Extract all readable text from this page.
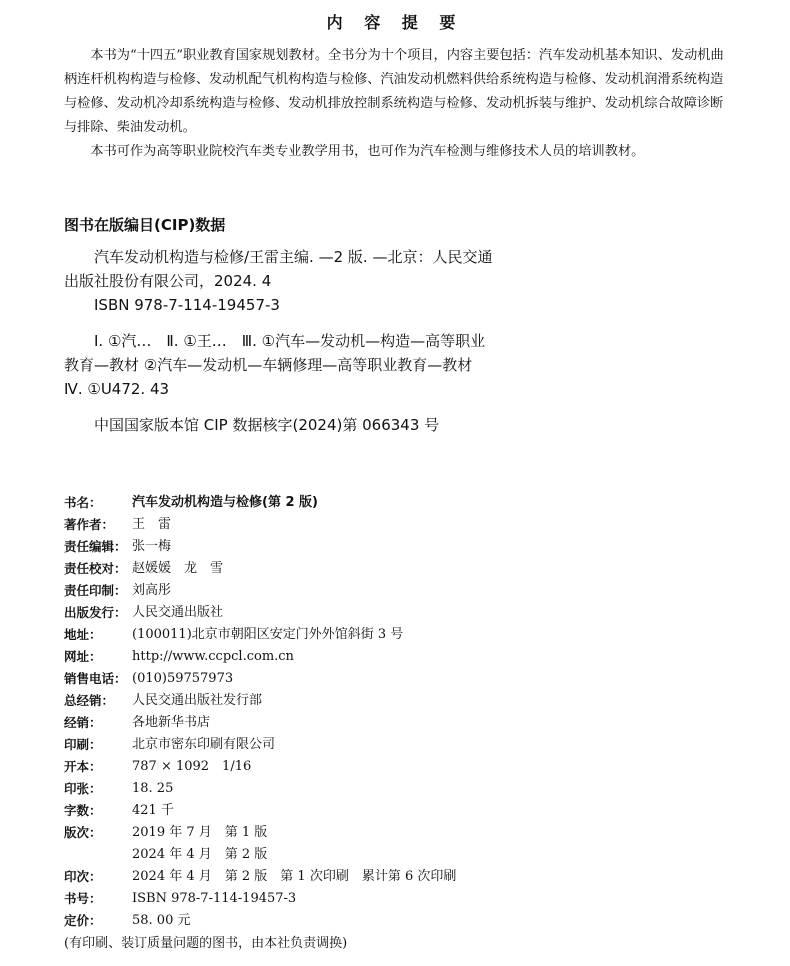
内 容 提 要

本书为“十四五”职业教育国家规划教材。全书分为十个项目，内容主要包括：汽车发动机基本知识、发动机曲柄连杆机构构造与检修、发动机配气机构构造与检修、汽油发动机燃料供给系统构造与检修、发动机润滑系统构造与检修、发动机冷却系统构造与检修、发动机排放控制系统构造与检修、发动机拆装与维护、发动机综合故障诊断与排除、柴油发动机。

本书可作为高等职业院校汽车类专业教学用书，也可作为汽车检测与维修技术人员的培训教材。

图书在版编目(CIP)数据

汽车发动机构造与检修/王雷主编. —2 版. —北京：人民交通出版社股份有限公司，2024. 4

ISBN 978-7-114-19457-3

Ⅰ. ①汽…　Ⅱ. ①王…　Ⅲ. ①汽车—发动机—构造—高等职业教育—教材 ②汽车—发动机—车辆修理—高等职业教育—教材　Ⅳ. ①U472. 43

中国国家版本馆 CIP 数据核字(2024)第 066343 号

书名：	汽车发动机构造与检修(第 2 版)
著作者：	王　雷
责任编辑： 张一梅
责任校对： 赵媛媛　龙　雪
责任印制： 刘高彤
出版发行： 人民交通出版社
地址：	(100011)北京市朝阳区安定门外外馆斜街 3 号
网址：	http://www.ccpcl.com.cn
销售电话： (010)59757973
总经销：	人民交通出版社发行部
经销：	各地新华书店
印刷：	北京市密东印刷有限公司
开本：	787 × 1092　1/16
印张：	18. 25
字数：	421 千
版次：	2019 年 7 月　第 1 版
2024 年 4 月　第 2 版
印次：	2024 年 4 月　第 2 版　第 1 次印刷　累计第 6 次印刷
书号：	ISBN 978-7-114-19457-3
定价：	58. 00 元
(有印刷、装订质量问题的图书，由本社负责调换)
